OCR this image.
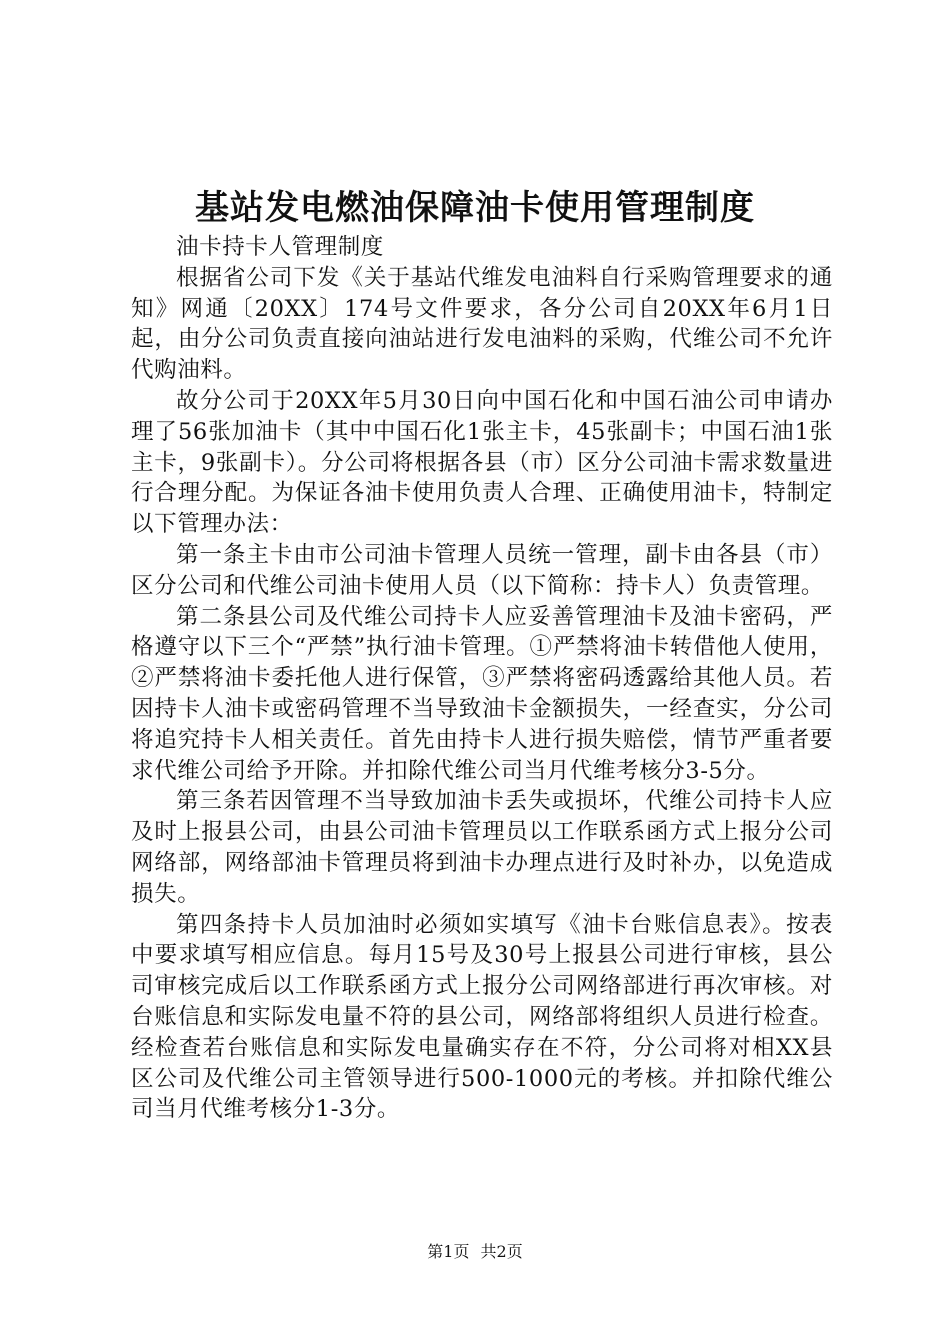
基站发电燃油保障油卡使用管理制度

油卡持卡人管理制度

根据省公司下发《关于基站代维发电油料自行采购管理要求的通知》网通〔20XX〕174号文件要求，各分公司自20XX年6月1日起，由分公司负责直接向油站进行发电油料的采购，代维公司不允许代购油料。

故分公司于20XX年5月30日向中国石化和中国石油公司申请办理了56张加油卡（其中中国石化1张主卡，45张副卡；中国石油1张主卡，9张副卡）。分公司将根据各县（市）区分公司油卡需求数量进行合理分配。为保证各油卡使用负责人合理、正确使用油卡，特制定以下管理办法：

第一条主卡由市公司油卡管理人员统一管理，副卡由各县（市）区分公司和代维公司油卡使用人员（以下简称：持卡人）负责管理。

第二条县公司及代维公司持卡人应妥善管理油卡及油卡密码，严格遵守以下三个“严禁”执行油卡管理。①严禁将油卡转借他人使用，②严禁将油卡委托他人进行保管，③严禁将密码透露给其他人员。若因持卡人油卡或密码管理不当导致油卡金额损失，一经查实，分公司将追究持卡人相关责任。首先由持卡人进行损失赔偿，情节严重者要求代维公司给予开除。并扣除代维公司当月代维考核分3-5分。

第三条若因管理不当导致加油卡丢失或损坏，代维公司持卡人应及时上报县公司，由县公司油卡管理员以工作联系函方式上报分公司网络部，网络部油卡管理员将到油卡办理点进行及时补办，以免造成损失。

第四条持卡人员加油时必须如实填写《油卡台账信息表》。按表中要求填写相应信息。每月15号及30号上报县公司进行审核，县公司审核完成后以工作联系函方式上报分公司网络部进行再次审核。对台账信息和实际发电量不符的县公司，网络部将组织人员进行检查。经检查若台账信息和实际发电量确实存在不符，分公司将对相XX县区公司及代维公司主管领导进行500-1000元的考核。并扣除代维公司当月代维考核分1-3分。

第1页 共2页
